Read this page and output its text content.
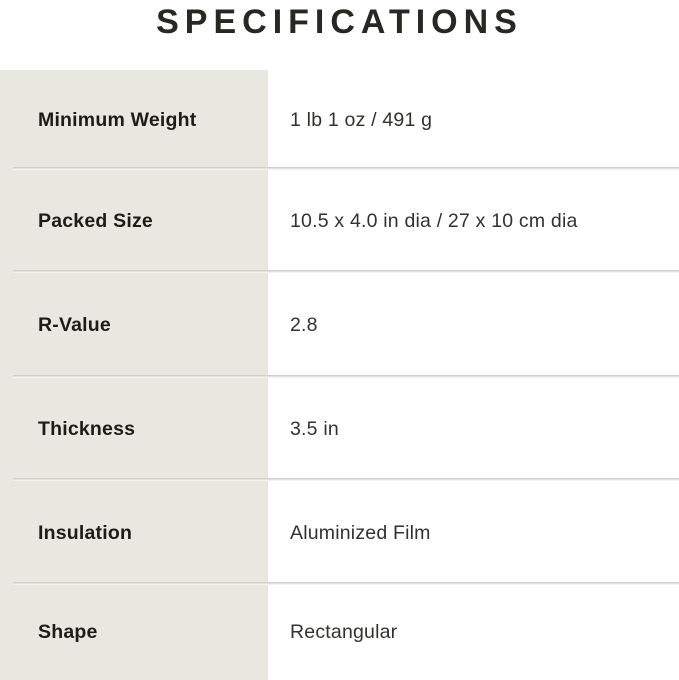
SPECIFICATIONS
Minimum Weight	1 lb 1 oz / 491 g
Packed Size	10.5 x 4.0 in dia / 27 x 10 cm dia
R-Value	2.8
Thickness	3.5 in
Insulation	Aluminized Film
Shape	Rectangular
